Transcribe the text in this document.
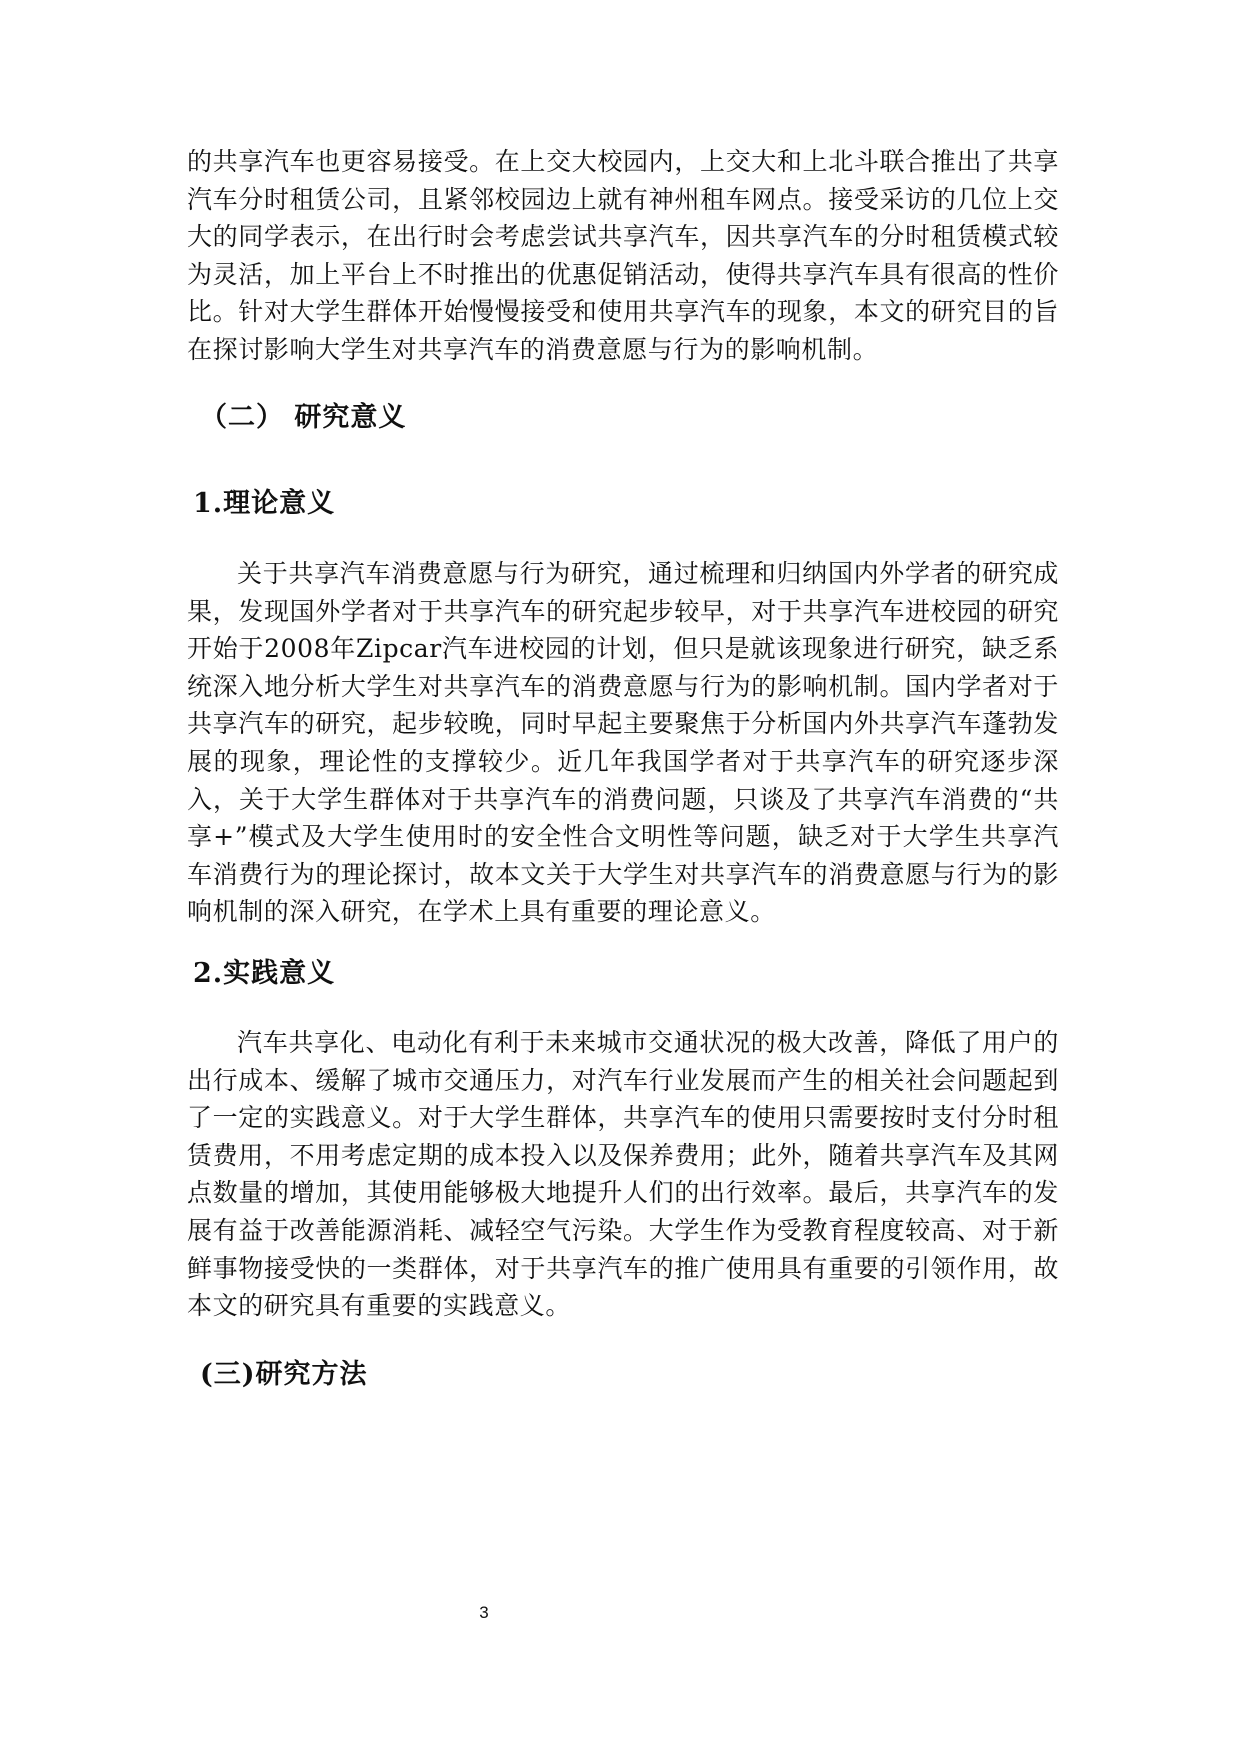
的共享汽车也更容易接受。在上交大校园内，上交大和上北斗联合推出了共享汽车分时租赁公司，且紧邻校园边上就有神州租车网点。接受采访的几位上交大的同学表示，在出行时会考虑尝试共享汽车，因共享汽车的分时租赁模式较为灵活，加上平台上不时推出的优惠促销活动，使得共享汽车具有很高的性价比。针对大学生群体开始慢慢接受和使用共享汽车的现象，本文的研究目的旨在探讨影响大学生对共享汽车的消费意愿与行为的影响机制。

（二） 研究意义
1.理论意义

关于共享汽车消费意愿与行为研究，通过梳理和归纳国内外学者的研究成果，发现国外学者对于共享汽车的研究起步较早，对于共享汽车进校园的研究开始于2008年Zipcar汽车进校园的计划，但只是就该现象进行研究，缺乏系统深入地分析大学生对共享汽车的消费意愿与行为的影响机制。国内学者对于共享汽车的研究，起步较晚，同时早起主要聚焦于分析国内外共享汽车蓬勃发展的现象，理论性的支撑较少。近几年我国学者对于共享汽车的研究逐步深入，关于大学生群体对于共享汽车的消费问题，只谈及了共享汽车消费的“共享+”模式及大学生使用时的安全性合文明性等问题，缺乏对于大学生共享汽车消费行为的理论探讨，故本文关于大学生对共享汽车的消费意愿与行为的影响机制的深入研究，在学术上具有重要的理论意义。

2.实践意义

汽车共享化、电动化有利于未来城市交通状况的极大改善，降低了用户的出行成本、缓解了城市交通压力，对汽车行业发展而产生的相关社会问题起到了一定的实践意义。对于大学生群体，共享汽车的使用只需要按时支付分时租赁费用，不用考虑定期的成本投入以及保养费用；此外，随着共享汽车及其网点数量的增加，其使用能够极大地提升人们的出行效率。最后，共享汽车的发展有益于改善能源消耗、减轻空气污染。大学生作为受教育程度较高、对于新鲜事物接受快的一类群体，对于共享汽车的推广使用具有重要的引领作用，故本文的研究具有重要的实践意义。

(三)研究方法
3
